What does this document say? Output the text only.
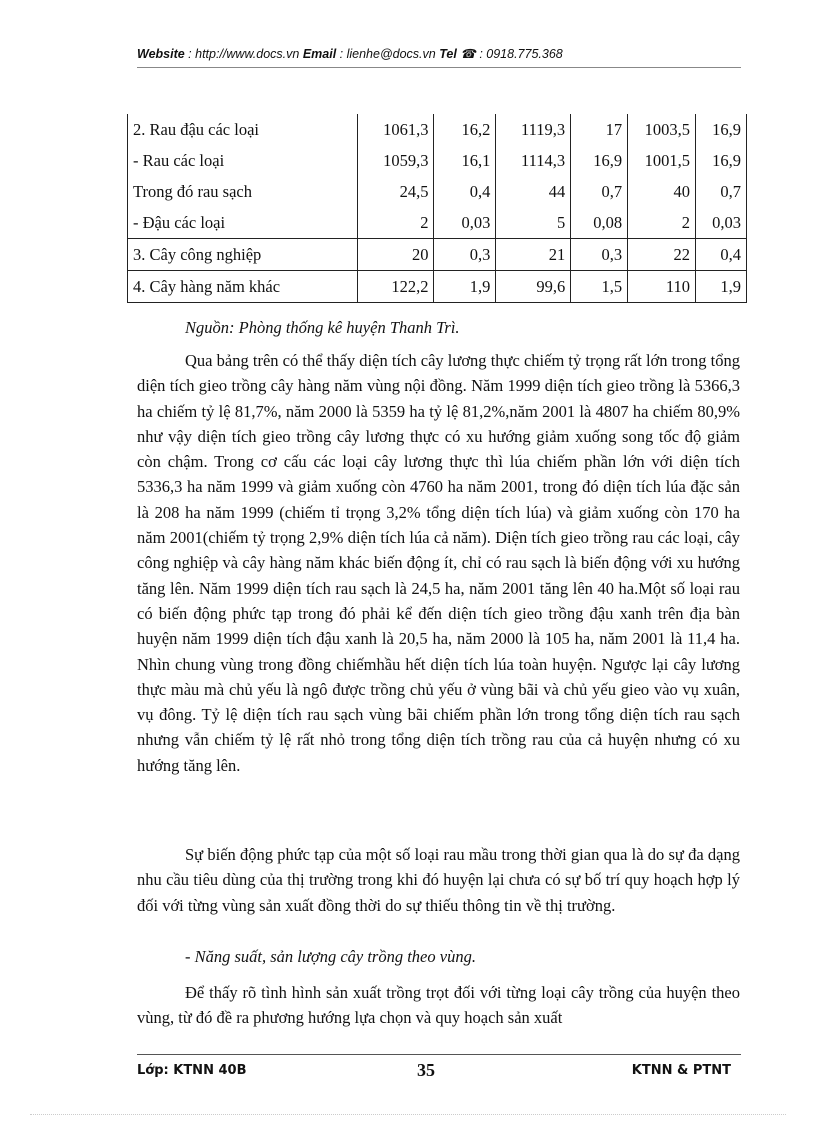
Website : http://www.docs.vn Email : lienhe@docs.vn Tel ☎ : 0918.775.368
2. Rau đậu các loại	1061,3	16,2	1119,3	17	1003,5	16,9
- Rau các loại	1059,3	16,1	1114,3	16,9	1001,5	16,9
Trong đó rau sạch	24,5	0,4	44	0,7	40	0,7
- Đậu các loại	2	0,03	5	0,08	2	0,03
3. Cây công nghiệp	20	0,3	21	0,3	22	0,4
4. Cây hàng năm khác	122,2	1,9	99,6	1,5	110	1,9
Nguồn: Phòng thống kê huyện Thanh Trì.

Qua bảng trên có thể thấy diện tích cây lương thực chiếm tỷ trọng rất lớn trong tổng diện tích gieo trồng cây hàng năm vùng nội đồng. Năm 1999 diện tích gieo trồng là 5366,3 ha chiếm tỷ lệ 81,7%, năm 2000 là 5359 ha tỷ lệ 81,2%,năm 2001 là 4807 ha chiếm 80,9% như vậy diện tích gieo trồng cây lương thực có xu hướng giảm xuống song tốc độ giảm còn chậm. Trong cơ cấu các loại cây lương thực thì lúa chiếm phần lớn với diện tích 5336,3 ha năm 1999 và giảm xuống còn 4760 ha năm 2001, trong đó diện tích lúa đặc sản là 208 ha năm 1999 (chiếm tỉ trọng 3,2% tổng diện tích lúa) và giảm xuống còn 170 ha năm 2001(chiếm tỷ trọng 2,9% diện tích lúa cả năm). Diện tích gieo trồng rau các loại, cây công nghiệp và cây hàng năm khác biến động ít, chỉ có rau sạch là biến động với xu hướng tăng lên. Năm 1999 diện tích rau sạch là 24,5 ha, năm 2001 tăng lên 40 ha.Một số loại rau có biến động phức tạp trong đó phải kể đến diện tích gieo trồng đậu xanh trên địa bàn huyện năm 1999 diện tích đậu xanh là 20,5 ha, năm 2000 là 105 ha, năm 2001 là 11,4 ha. Nhìn chung vùng trong đồng chiếmhầu hết diện tích lúa toàn huyện. Ngược lại cây lương thực màu mà chủ yếu là ngô được trồng chủ yếu ở vùng bãi và chủ yếu gieo vào vụ xuân, vụ đông. Tỷ lệ diện tích rau sạch vùng bãi chiếm phần lớn trong tổng diện tích rau sạch nhưng vẫn chiếm tỷ lệ rất nhỏ trong tổng diện tích trồng rau của cả huyện nhưng có xu hướng tăng lên.

Sự biến động phức tạp của một số loại rau mầu trong thời gian qua là do sự đa dạng nhu cầu tiêu dùng của thị trường trong khi đó huyện lại chưa có sự bố trí quy hoạch hợp lý đối với từng vùng sản xuất đồng thời do sự thiếu thông tin về thị trường.

- Năng suất, sản lượng cây trồng theo vùng.

Để thấy rõ tình hình sản xuất trồng trọt đối với từng loại cây trồng của huyện theo vùng, từ đó đề ra phương hướng lựa chọn và quy hoạch sản xuất

Lớp: KTNN 40B	35	KTNN & PTNT
